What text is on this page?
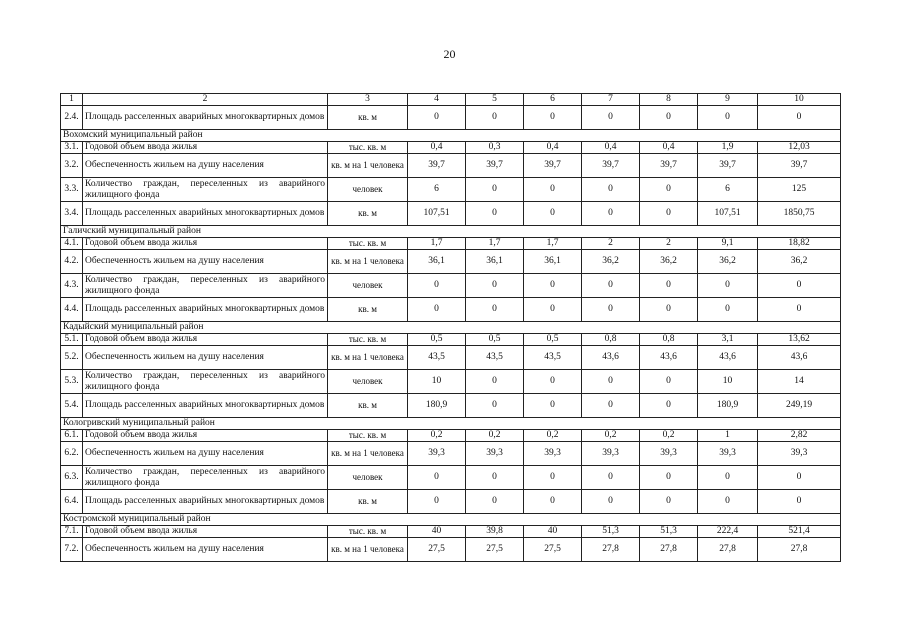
20
1	2	3	4	5	6	7	8	9	10
2.4.	Площадь расселенных аварийных многоквартирных домов	кв. м	0	0	0	0	0	0	0
Вохомский муниципальный район									
3.1.	Годовой объем ввода жилья	тыс. кв. м	0,4	0,3	0,4	0,4	0,4	1,9	12,03
3.2.	Обеспеченность жильем на душу населения	кв. м на 1 человека	39,7	39,7	39,7	39,7	39,7	39,7	39,7
3.3.	Количество граждан, переселенных из аварийного жилищного фонда	человек	6	0	0	0	0	6	125
3.4.	Площадь расселенных аварийных многоквартирных домов	кв. м	107,51	0	0	0	0	107,51	1850,75
Галичский муниципальный район									
4.1.	Годовой объем ввода жилья	тыс. кв. м	1,7	1,7	1,7	2	2	9,1	18,82
4.2.	Обеспеченность жильем на душу населения	кв. м на 1 человека	36,1	36,1	36,1	36,2	36,2	36,2	36,2
4.3.	Количество граждан, переселенных из аварийного жилищного фонда	человек	0	0	0	0	0	0	0
4.4.	Площадь расселенных аварийных многоквартирных домов	кв. м	0	0	0	0	0	0	0
Кадыйский муниципальный район									
5.1.	Годовой объем ввода жилья	тыс. кв. м	0,5	0,5	0,5	0,8	0,8	3,1	13,62
5.2.	Обеспеченность жильем на душу населения	кв. м на 1 человека	43,5	43,5	43,5	43,6	43,6	43,6	43,6
5.3.	Количество граждан, переселенных из аварийного жилищного фонда	человек	10	0	0	0	0	10	14
5.4.	Площадь расселенных аварийных многоквартирных домов	кв. м	180,9	0	0	0	0	180,9	249,19
Кологривский муниципальный район									
6.1.	Годовой объем ввода жилья	тыс. кв. м	0,2	0,2	0,2	0,2	0,2	1	2,82
6.2.	Обеспеченность жильем на душу населения	кв. м на 1 человека	39,3	39,3	39,3	39,3	39,3	39,3	39,3
6.3.	Количество граждан, переселенных из аварийного жилищного фонда	человек	0	0	0	0	0	0	0
6.4.	Площадь расселенных аварийных многоквартирных домов	кв. м	0	0	0	0	0	0	0
Костромской муниципальный район									
7.1.	Годовой объем ввода жилья	тыс. кв. м	40	39,8	40	51,3	51,3	222,4	521,4
7.2.	Обеспеченность жильем на душу населения	кв. м на 1 человека	27,5	27,5	27,5	27,8	27,8	27,8	27,8
